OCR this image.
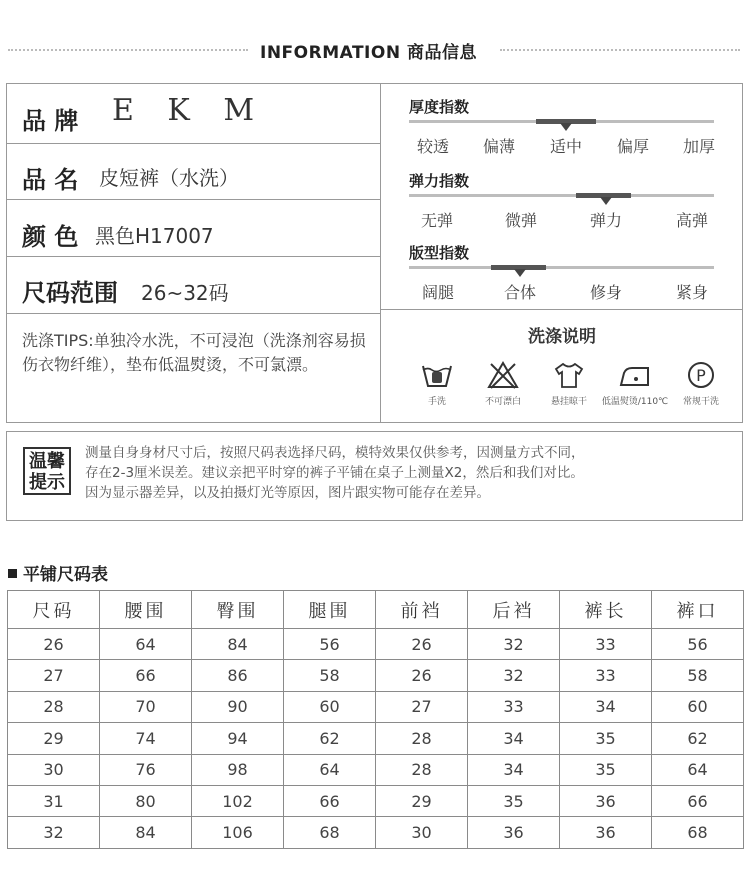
INFORMATION 商品信息
品 牌 E K M
品 名 皮短裤（水洗）
颜 色 黑色H17007
尺码范围 26~32码
洗涤TIPS:单独冷水洗，不可浸泡（洗涤剂容易损伤衣物纤维），垫布低温熨烫，不可氯漂。
厚度指数
较透 偏薄 适中 偏厚 加厚
弹力指数
无弹	微弹	弹力	高弹
版型指数
阔腿	合体	修身	紧身
洗涤说明
手洗	不可漂白	悬挂晾干	低温熨烫/110℃
P
常规干洗
温馨
提示
测量自身身材尺寸后，按照尺码表选择尺码，模特效果仅供参考，因测量方式不同，
存在2-3厘米误差。建议亲把平时穿的裤子平铺在桌子上测量X2，然后和我们对比。
因为显示器差异，以及拍摄灯光等原因，图片跟实物可能存在差异。
平铺尺码表
尺码	腰围	臀围	腿围	前裆	后裆	裤长	裤口
26	64	84	56	26	32	33	56
27	66	86	58	26	32	33	58
28	70	90	60	27	33	34	60
29	74	94	62	28	34	35	62
30	76	98	64	28	34	35	64
31	80	102	66	29	35	36	66
32	84	106	68	30	36	36	68
